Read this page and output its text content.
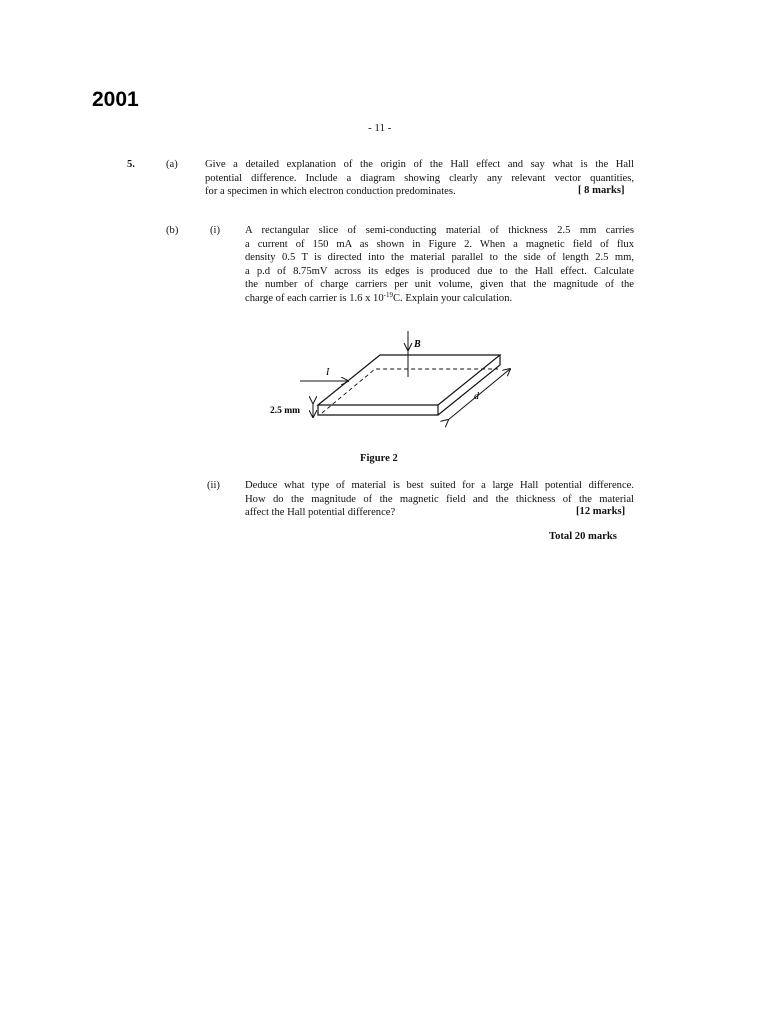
2001
- 11 -
5.	(a)	Give a detailed explanation of the origin of the Hall effect and say what is the Hall
potential difference. Include a diagram showing clearly any relevant vector quantities,
for a specimen in which electron conduction predominates.	[ 8 marks]
(b)	(i) A rectangular slice of semi-conducting material of thickness 2.5 mm carries
a current of 150 mA as shown in Figure 2. When a magnetic field of flux
density 0.5 T is directed into the material parallel to the side of length 2.5 mm,
a p.d of 8.75mV across its edges is produced due to the Hall effect. Calculate
the number of charge carriers per unit volume, given that the magnitude of the
charge of each carrier is 1.6 x $10^{-19}C$. Explain your calculation.
B
I
d
2.5 mm
Figure 2
(ii) Deduce what type of material is best suited for a large Hall potential difference.
How do the magnitude of the magnetic field and the thickness of the material
affect the Hall potential difference?	[12 marks]
Total 20 marks
